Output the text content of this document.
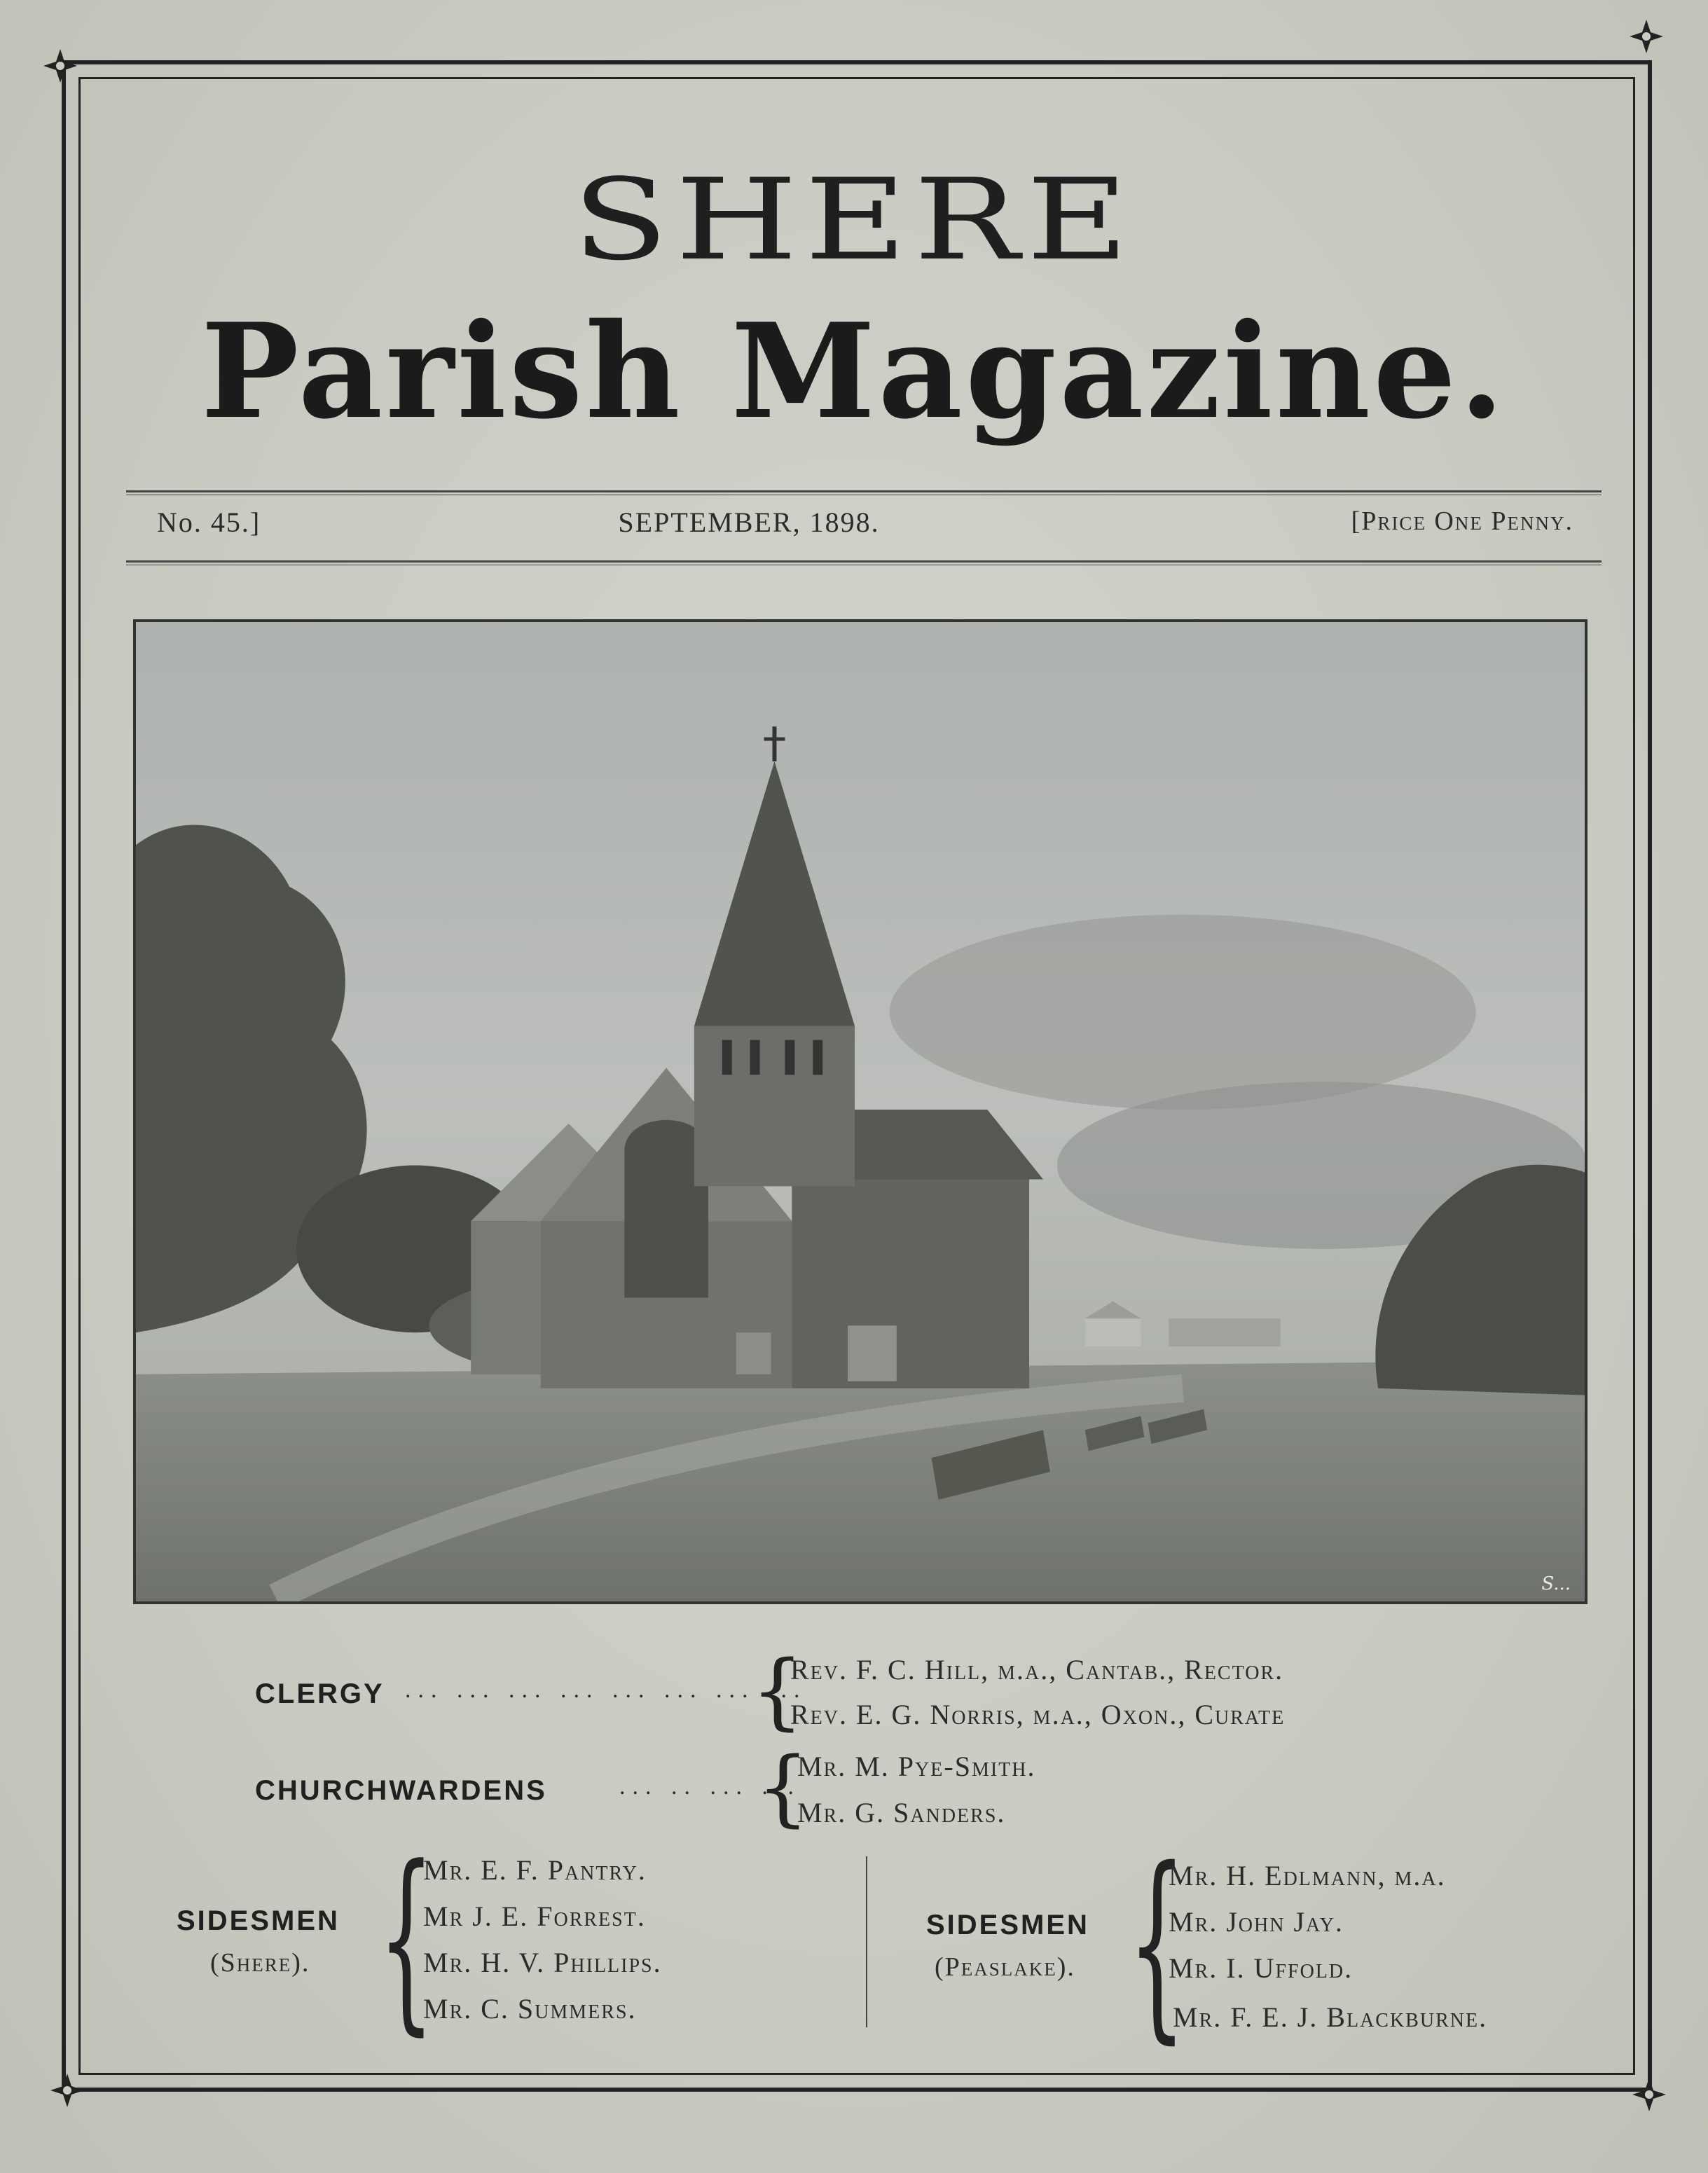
SHERE
Parish Magazine.
No. 45.]	SEPTEMBER, 1898.	[Price One Penny.
S...
CLERGY ... ... ... ... ... ... ... ...
{
Rev. F. C. Hill, m.a., Cantab., Rector.
Rev. E. G. Norris, m.a., Oxon., Curate
CHURCHWARDENS	... .. ... ...
{
Mr. M. Pye-Smith.
Mr. G. Sanders.
SIDESMEN
(Shere). {
Mr. E. F. Pantry.
Mr J. E. Forrest.
Mr. H. V. Phillips.
Mr. C. Summers.
SIDESMEN
(Peaslake). {
Mr. H. Edlmann, m.a.
Mr. John Jay.
Mr. I. Uffold.
Mr. F. E. J. Blackburne.
